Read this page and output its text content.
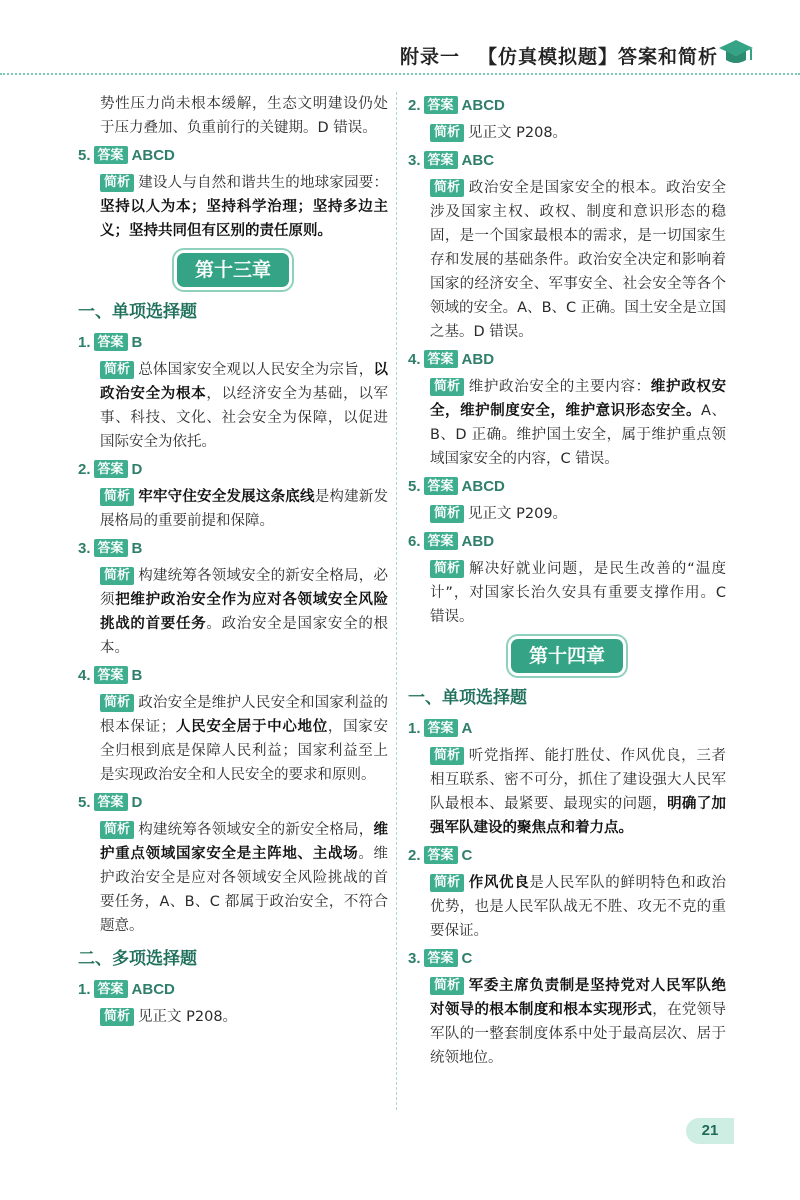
附录一 【仿真模拟题】答案和简析

势性压力尚未根本缓解，生态文明建设仍处于压力叠加、负重前行的关键期。D 错误。

5. 答案 ABCD

简析 建设人与自然和谐共生的地球家园要：坚持以人为本；坚持科学治理；坚持多边主义；坚持共同但有区别的责任原则。

第十三章
一、单项选择题
1. 答案 B

简析 总体国家安全观以人民安全为宗旨，以政治安全为根本，以经济安全为基础，以军事、科技、文化、社会安全为保障，以促进国际安全为依托。

2. 答案 D

简析 牢牢守住安全发展这条底线是构建新发展格局的重要前提和保障。

3. 答案 B

简析 构建统筹各领域安全的新安全格局，必须把维护政治安全作为应对各领域安全风险挑战的首要任务。政治安全是国家安全的根本。

4. 答案 B

简析 政治安全是维护人民安全和国家利益的根本保证；人民安全居于中心地位，国家安全归根到底是保障人民利益；国家利益至上是实现政治安全和人民安全的要求和原则。

5. 答案 D

简析 构建统筹各领域安全的新安全格局，维护重点领域国家安全是主阵地、主战场。维护政治安全是应对各领域安全风险挑战的首要任务，A、B、C 都属于政治安全，不符合题意。

二、多项选择题
1. 答案 ABCD

简析 见正文 P208。

2. 答案 ABCD

简析 见正文 P208。

3. 答案 ABC

简析 政治安全是国家安全的根本。政治安全涉及国家主权、政权、制度和意识形态的稳固，是一个国家最根本的需求，是一切国家生存和发展的基础条件。政治安全决定和影响着国家的经济安全、军事安全、社会安全等各个领域的安全。A、B、C 正确。国土安全是立国之基。D 错误。

4. 答案 ABD

简析 维护政治安全的主要内容：维护政权安全，维护制度安全，维护意识形态安全。A、B、D 正确。维护国土安全，属于维护重点领域国家安全的内容，C 错误。

5. 答案 ABCD

简析 见正文 P209。

6. 答案 ABD

简析 解决好就业问题，是民生改善的“温度计”，对国家长治久安具有重要支撑作用。C 错误。

第十四章
一、单项选择题
1. 答案 A

简析 听党指挥、能打胜仗、作风优良，三者相互联系、密不可分，抓住了建设强大人民军队最根本、最紧要、最现实的问题，明确了加强军队建设的聚焦点和着力点。

2. 答案 C

简析 作风优良是人民军队的鲜明特色和政治优势，也是人民军队战无不胜、攻无不克的重要保证。

3. 答案 C

简析 军委主席负责制是坚持党对人民军队绝对领导的根本制度和根本实现形式，在党领导军队的一整套制度体系中处于最高层次、居于统领地位。

21
